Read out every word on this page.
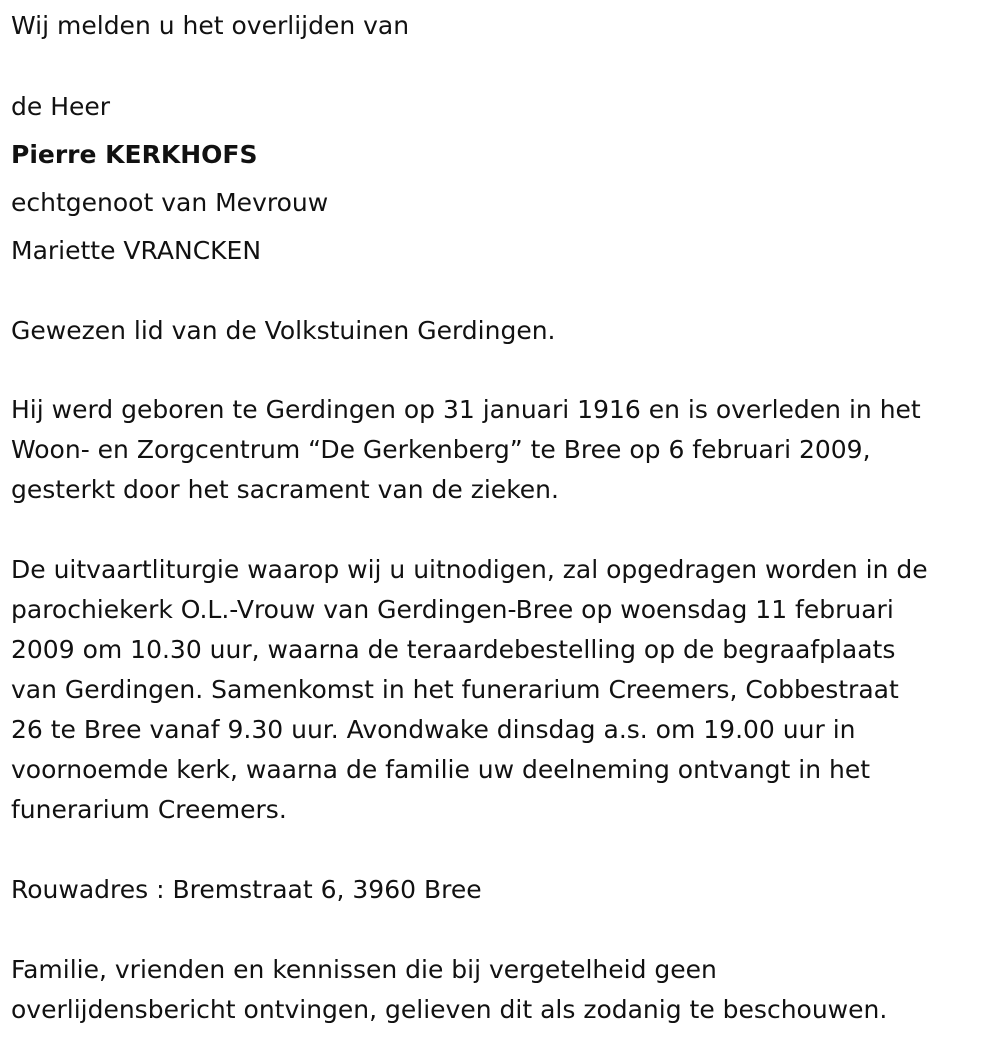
Wij melden u het overlijden van

de Heer

Pierre KERKHOFS

echtgenoot van Mevrouw

Mariette VRANCKEN

Gewezen lid van de Volkstuinen Gerdingen.

Hij werd geboren te Gerdingen op 31 januari 1916 en is overleden in het
Woon- en Zorgcentrum “De Gerkenberg” te Bree op 6 februari 2009,
gesterkt door het sacrament van de zieken.
De uitvaartliturgie waarop wij u uitnodigen, zal opgedragen worden in de
parochiekerk O.L.-Vrouw van Gerdingen-Bree op woensdag 11 februari
2009 om 10.30 uur, waarna de teraardebestelling op de begraafplaats
van Gerdingen. Samenkomst in het funerarium Creemers, Cobbestraat
26 te Bree vanaf 9.30 uur. Avondwake dinsdag a.s. om 19.00 uur in
voornoemde kerk, waarna de familie uw deelneming ontvangt in het
funerarium Creemers.
Rouwadres : Bremstraat 6, 3960 Bree
Familie, vrienden en kennissen die bij vergetelheid geen
overlijdensbericht ontvingen, gelieven dit als zodanig te beschouwen.
